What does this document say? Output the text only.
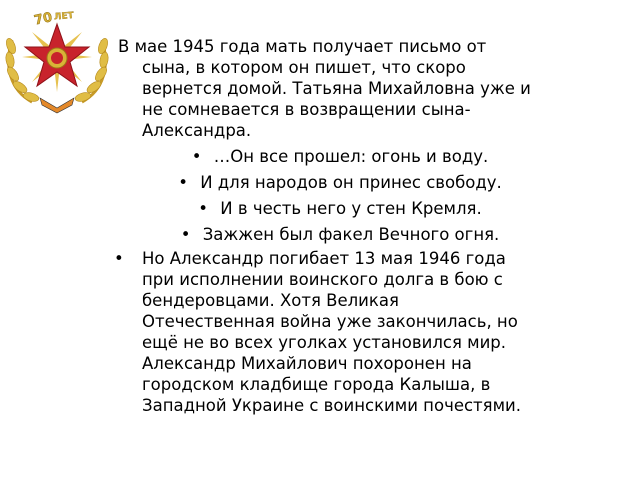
70 ЛЕТ
В мае 1945 года мать получает письмо от
сына, в котором он пишет, что скоро
вернется домой. Татьяна Михайловна уже и
не сомневается в возвращении сына-
Александра.
• …Он все прошел: огонь и воду.
• И для народов он принес свободу.
• И в честь него у стен Кремля.
• Зажжен был факел Вечного огня.
• Но Александр погибает 13 мая 1946 года
при исполнении воинского долга в бою с
бендеровцами. Хотя Великая
Отечественная война уже закончилась, но
ещё не во всех уголках установился мир.
Александр Михайлович похоронен на
городском кладбище города Калыша, в
Западной Украине с воинскими почестями.
